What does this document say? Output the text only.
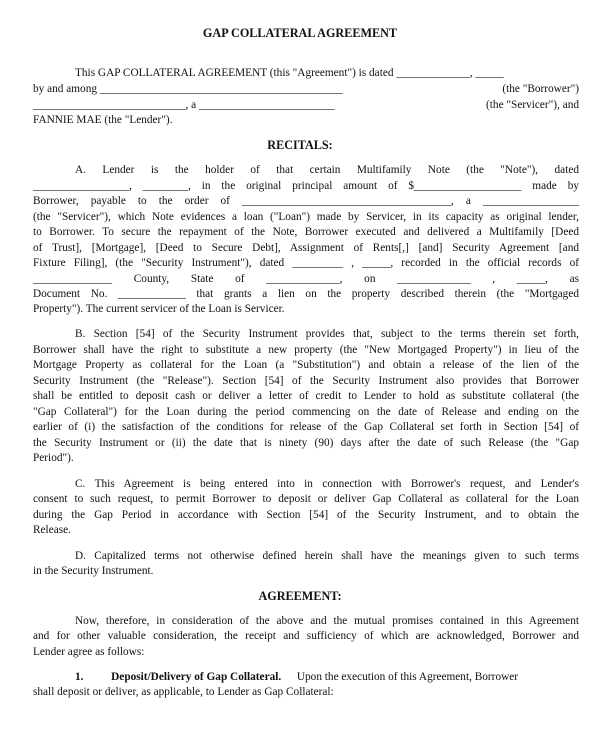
GAP COLLATERAL AGREEMENT
This GAP COLLATERAL AGREEMENT (this "Agreement") is dated _____________, _____
by and among ___________________________________________	(the "Borrower")
___________________________, a ________________________	(the "Servicer"), and
FANNIE MAE (the "Lender").
RECITALS:
A. Lender is the holder of that certain Multifamily Note (the "Note"), dated
_________________, ________, in the original principal amount of $___________________ made by
Borrower, payable to the order of _____________________________________, a _________________
(the "Servicer"), which Note evidences a loan ("Loan") made by Servicer, in its capacity as original lender,
to Borrower. To secure the repayment of the Note, Borrower executed and delivered a Multifamily [Deed
of Trust], [Mortgage], [Deed to Secure Debt], Assignment of Rents[,] [and] Security Agreement [and
Fixture Filing], (the "Security Instrument"), dated _________ , _____, recorded in the official records of
______________ County, State of _____________, on _____________ , _____, as
Document No. ____________ that grants a lien on the property described therein (the "Mortgaged
Property"). The current servicer of the Loan is Servicer.
B. Section [54] of the Security Instrument provides that, subject to the terms therein set forth,
Borrower shall have the right to substitute a new property (the "New Mortgaged Property") in lieu of the
Mortgage Property as collateral for the Loan (a "Substitution") and obtain a release of the lien of the
Security Instrument (the "Release"). Section [54] of the Security Instrument also provides that Borrower
shall be entitled to deposit cash or deliver a letter of credit to Lender to hold as substitute collateral (the
"Gap Collateral") for the Loan during the period commencing on the date of Release and ending on the
earlier of (i) the satisfaction of the conditions for release of the Gap Collateral set forth in Section [54] of
the Security Instrument or (ii) the date that is ninety (90) days after the date of such Release (the "Gap
Period").
C. This Agreement is being entered into in connection with Borrower's request, and Lender's
consent to such request, to permit Borrower to deposit or deliver Gap Collateral as collateral for the Loan
during the Gap Period in accordance with Section [54] of the Security Instrument, and to obtain the
Release.
D. Capitalized terms not otherwise defined herein shall have the meanings given to such terms
in the Security Instrument.
AGREEMENT:
Now, therefore, in consideration of the above and the mutual promises contained in this Agreement
and for other valuable consideration, the receipt and sufficiency of which are acknowledged, Borrower and
Lender agree as follows:
1. Deposit/Delivery of Gap Collateral. Upon the execution of this Agreement, Borrower
shall deposit or deliver, as applicable, to Lender as Gap Collateral:
